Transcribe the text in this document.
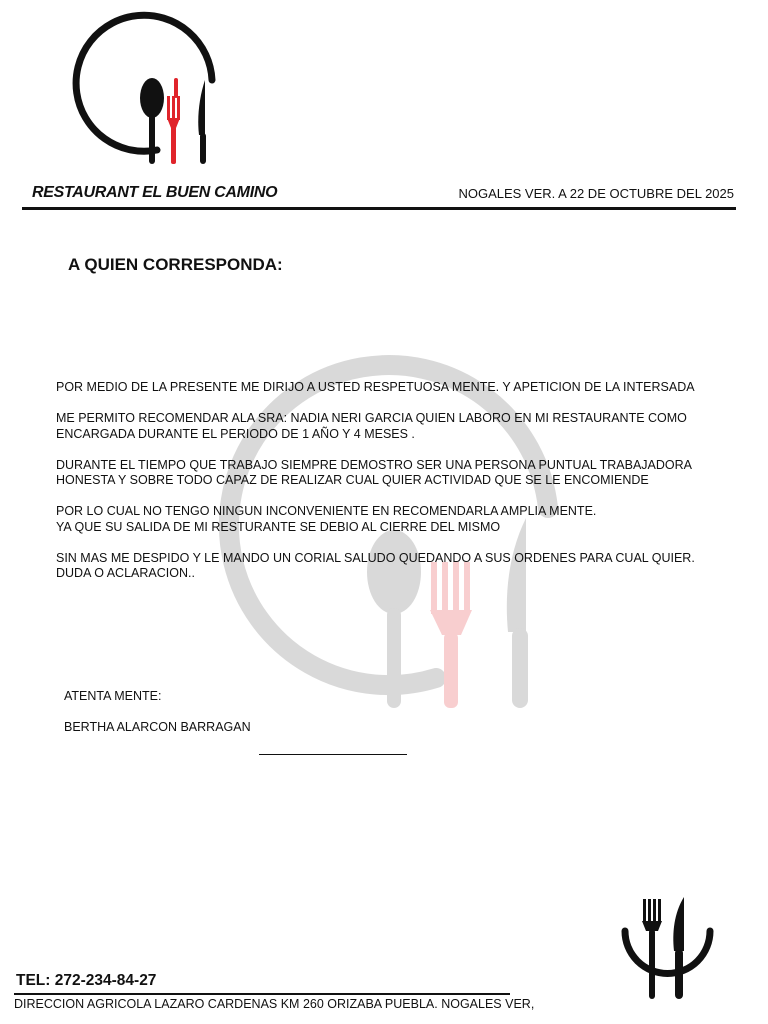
RESTAURANT EL BUEN CAMINO	NOGALES VER. A 22 DE OCTUBRE DEL 2025
A QUIEN CORRESPONDA:

POR MEDIO DE LA PRESENTE ME DIRIJO A USTED RESPETUOSA MENTE. Y APETICION DE LA INTERSADA

ME PERMITO RECOMENDAR ALA SRA: NADIA NERI GARCIA QUIEN LABORO EN MI RESTAURANTE COMO
ENCARGADA DURANTE EL PERIODO DE 1 AÑO Y 4 MESES .

DURANTE EL TIEMPO QUE TRABAJO SIEMPRE DEMOSTRO SER UNA PERSONA PUNTUAL TRABAJADORA
HONESTA Y SOBRE TODO CAPAZ DE REALIZAR CUAL QUIER ACTIVIDAD QUE SE LE ENCOMIENDE

POR LO CUAL NO TENGO NINGUN INCONVENIENTE EN RECOMENDARLA AMPLIA MENTE.
YA QUE SU SALIDA DE MI RESTURANTE SE DEBIO AL CIERRE DEL MISMO

SIN MAS ME DESPIDO Y LE MANDO UN CORIAL SALUDO QUEDANDO A SUS ORDENES PARA CUAL QUIER.
DUDA O ACLARACION..

ATENTA MENTE:
BERTHA ALARCON BARRAGAN
TEL: 272-234-84-27
DIRECCION AGRICOLA LAZARO CARDENAS KM 260 ORIZABA PUEBLA. NOGALES VER,
